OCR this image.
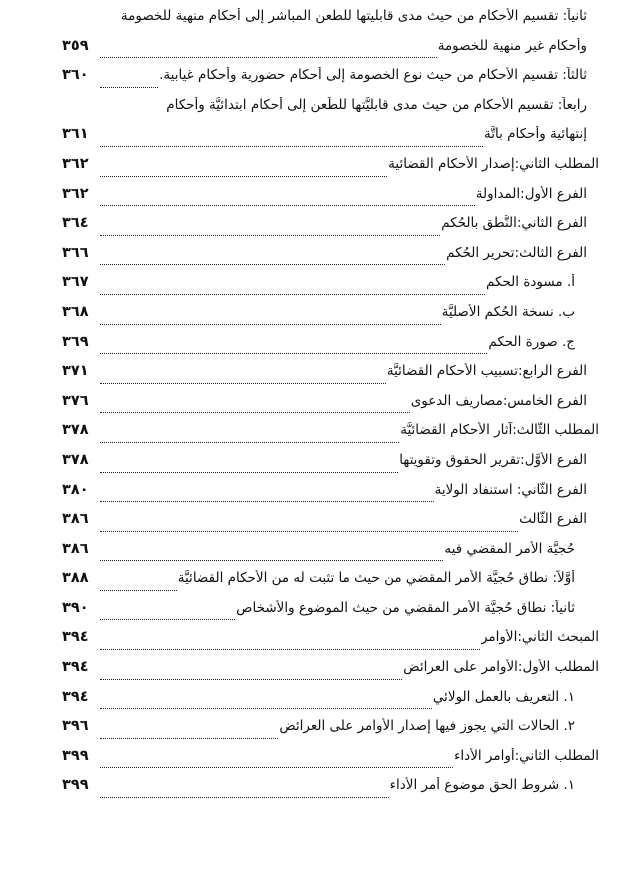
ثانياً: تقسيم الأحكام من حيث مدى قابليتها للطعن المباشر إلى أحكام منهية للخصومة
وأحكام غير منهية للخصومة
٣٥٩
ثالثاً: تقسيم الأحكام من حيث نوع الخصومة إلى أحكام حضورية وأحكام غيابية.
٣٦٠
رابعاً: تقسيم الأحكام من حيث مدى قابليَّتها للطَّعن إلى أحكام ابتدائيَّة وأحكام
إنتهائية وأحكام باتَّة
٣٦١
المطلب الثاني:إصدار الأحكام القضائية
٣٦٢
الفرع الأول:المداولة
٣٦٢
الفرع الثاني:النُّطق بالحُكم
٣٦٤
الفرع الثالث:تحرير الحُكم
٣٦٦
أ. مسودة الحكم
٣٦٧
ب. نسخة الحُكم الأصليَّة
٣٦٨
ج. صورة الحكم
٣٦٩
الفرع الرابع:تسبيب الأحكام القضائيَّة
٣٧١
الفرع الخامس:مصاريف الدعوى
٣٧٦
المطلب الثَّالث:آثار الأحكام القضائيَّة
٣٧٨
الفرع الأوَّل:تقرير الحقوق وتقويتها
٣٧٨
الفرع الثَّاني: استنفاد الولاية
٣٨٠
الفرع الثَّالث
٣٨٦
حُجيَّة الأمر المقضي فيه
٣٨٦
أوَّلاً: نطاق حُجيَّة الأمر المقضي من حيث ما تثبت له من الأحكام القضائيَّة
٣٨٨
ثانياً: نطاق حُجيَّة الأمر المقضي من حيث الموضوع والأشخاص
٣٩٠
المبحث الثاني:الأوامر
٣٩٤
المطلب الأول:الأوامر على العرائض
٣٩٤
١. التعريف بالعمل الولائي
٣٩٤
٢. الحالات التي يجوز فيها إصدار الأوامر على العرائض
٣٩٦
المطلب الثاني:أوامر الأداء
٣٩٩
١. شروط الحق موضوع أمر الأداء
٣٩٩
